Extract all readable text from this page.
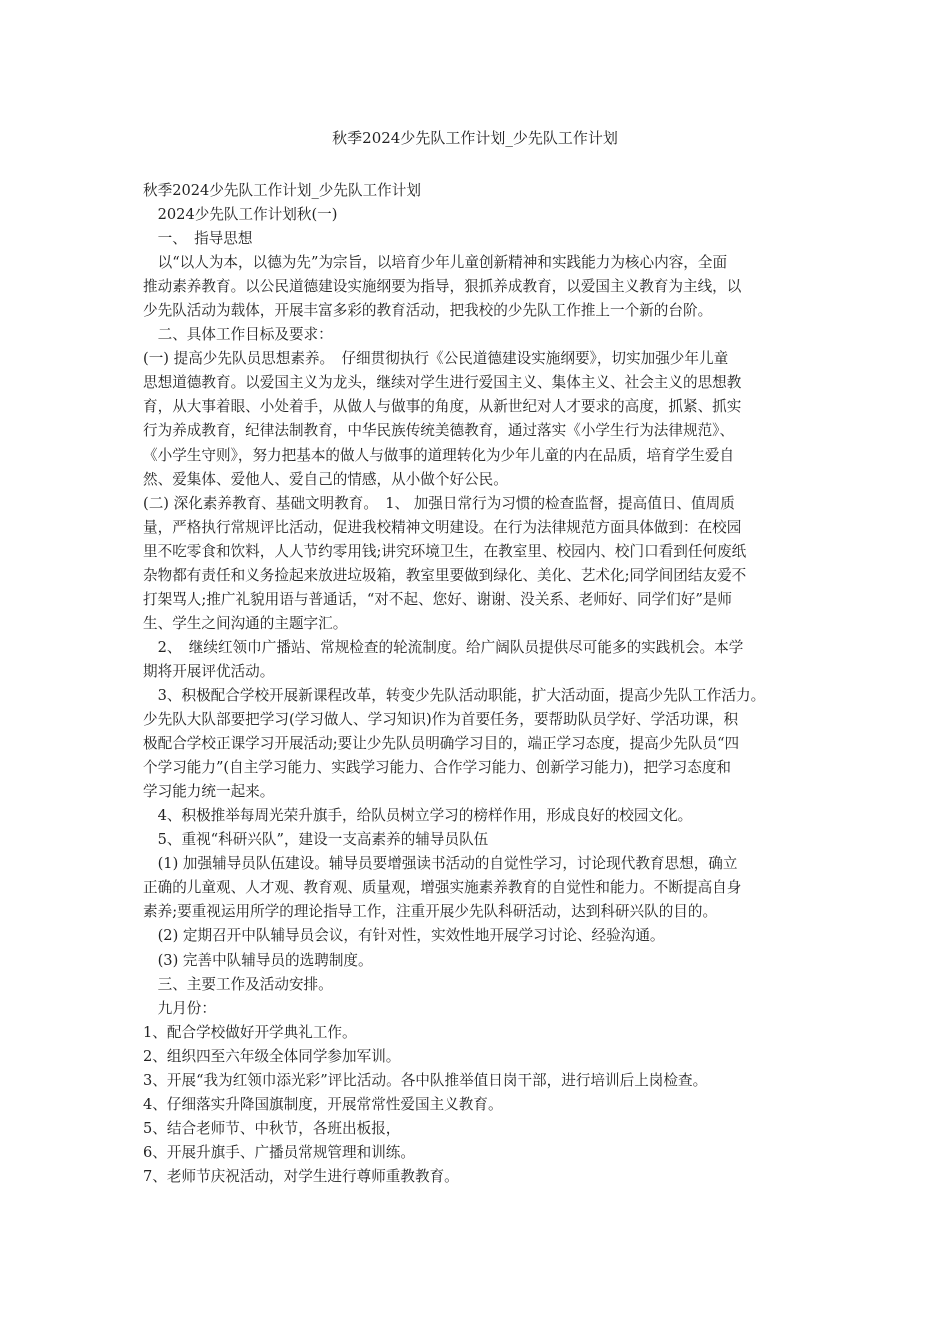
秋季2024少先队工作计划_少先队工作计划
秋季2024少先队工作计划_少先队工作计划
　2024少先队工作计划秋(一)
　一、　指导思想
　以“以人为本，以德为先”为宗旨，以培育少年儿童创新精神和实践能力为核心内容，全面
推动素养教育。以公民道德建设实施纲要为指导，狠抓养成教育，以爱国主义教育为主线，以
少先队活动为载体，开展丰富多彩的教育活动，把我校的少先队工作推上一个新的台阶。
　二、具体工作目标及要求：
(一) 提高少先队员思想素养。　仔细贯彻执行《公民道德建设实施纲要》，切实加强少年儿童
思想道德教育。以爱国主义为龙头，继续对学生进行爱国主义、集体主义、社会主义的思想教
育，从大事着眼、小处着手，从做人与做事的角度，从新世纪对人才要求的高度，抓紧、抓实
行为养成教育，纪律法制教育，中华民族传统美德教育，通过落实《小学生行为法律规范》、
《小学生守则》，努力把基本的做人与做事的道理转化为少年儿童的内在品质，培育学生爱自
然、爱集体、爱他人、爱自己的情感，从小做个好公民。
(二) 深化素养教育、基础文明教育。　1、 加强日常行为习惯的检查监督，提高值日、值周质
量，严格执行常规评比活动，促进我校精神文明建设。在行为法律规范方面具体做到：在校园
里不吃零食和饮料，人人节约零用钱;讲究环境卫生，在教室里、校园内、校门口看到任何废纸
杂物都有责任和义务捡起来放进垃圾箱，教室里要做到绿化、美化、艺术化;同学间团结友爱不
打架骂人;推广礼貌用语与普通话，“对不起、您好、谢谢、没关系、老师好、同学们好”是师
生、学生之间沟通的主题字汇。
　2、　继续红领巾广播站、常规检查的轮流制度。给广阔队员提供尽可能多的实践机会。本学
期将开展评优活动。
　3、积极配合学校开展新课程改革，转变少先队活动职能，扩大活动面，提高少先队工作活力。
少先队大队部要把学习(学习做人、学习知识)作为首要任务，要帮助队员学好、学活功课，积
极配合学校正课学习开展活动;要让少先队员明确学习目的，端正学习态度，提高少先队员“四
个学习能力”(自主学习能力、实践学习能力、合作学习能力、创新学习能力)，把学习态度和
学习能力统一起来。
　4、积极推举每周光荣升旗手，给队员树立学习的榜样作用，形成良好的校园文化。
　5、重视“科研兴队”，建设一支高素养的辅导员队伍
　(1) 加强辅导员队伍建设。辅导员要增强读书活动的自觉性学习，讨论现代教育思想，确立
正确的儿童观、人才观、教育观、质量观，增强实施素养教育的自觉性和能力。不断提高自身
素养;要重视运用所学的理论指导工作，注重开展少先队科研活动，达到科研兴队的目的。
　(2) 定期召开中队辅导员会议，有针对性，实效性地开展学习讨论、经验沟通。
　(3) 完善中队辅导员的选聘制度。
　三、主要工作及活动安排。
　九月份：
1、配合学校做好开学典礼工作。
2、组织四至六年级全体同学参加军训。
3、开展“我为红领巾添光彩”评比活动。各中队推举值日岗干部，进行培训后上岗检查。
4、仔细落实升降国旗制度，开展常常性爱国主义教育。
5、结合老师节、中秋节，各班出板报，
6、开展升旗手、广播员常规管理和训练。
7、老师节庆祝活动，对学生进行尊师重教教育。
